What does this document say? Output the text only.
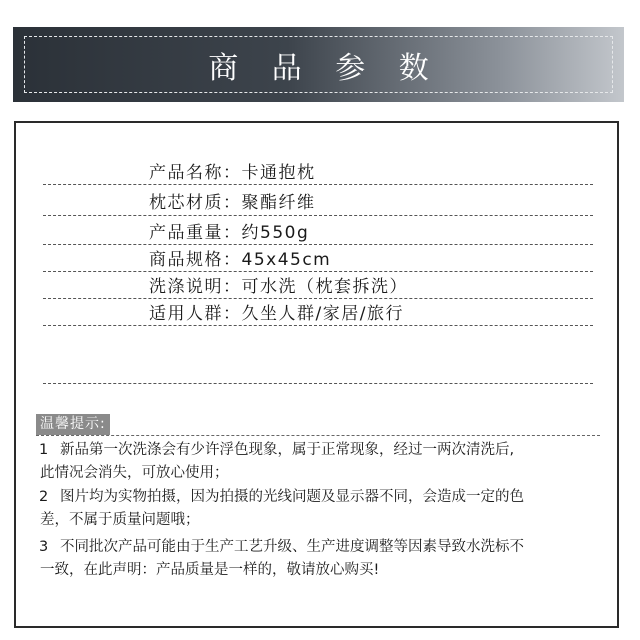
商 品 参 数
产品名称：卡通抱枕
枕芯材质：聚酯纤维
产品重量：约550g
商品规格：45x45cm
洗涤说明：可水洗（枕套拆洗）
适用人群：久坐人群/家居/旅行
温馨提示:
1 新品第一次洗涤会有少许浮色现象，属于正常现象，经过一两次清洗后,
此情况会消失，可放心使用；
2 图片均为实物拍摄，因为拍摄的光线问题及显示器不同，会造成一定的色
差，不属于质量问题哦；
3 不同批次产品可能由于生产工艺升级、生产进度调整等因素导致水洗标不
一致，在此声明：产品质量是一样的，敬请放心购买!
